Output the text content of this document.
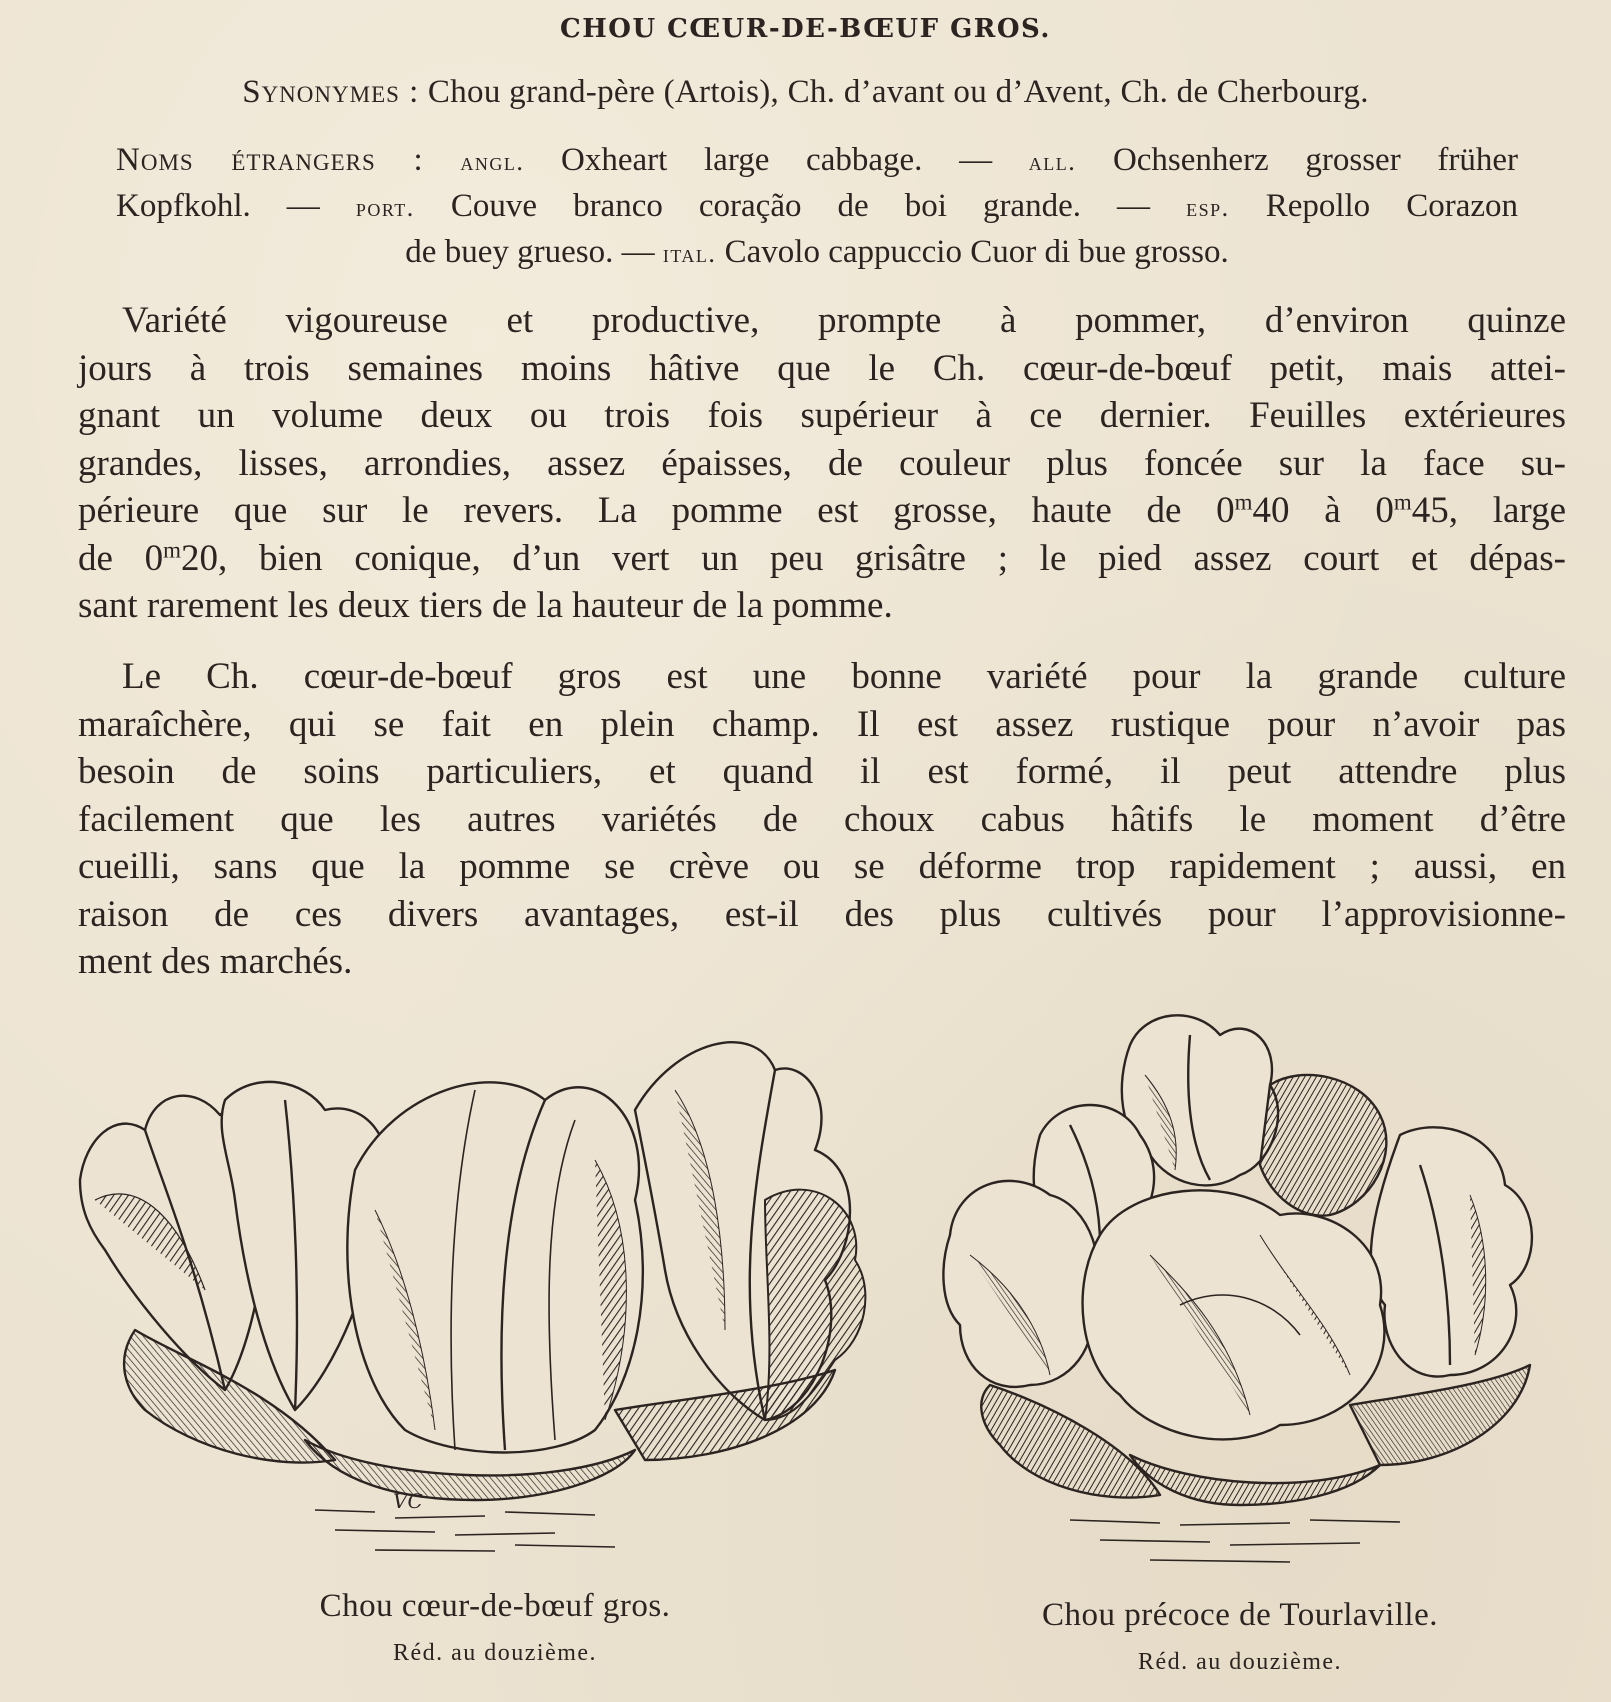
CHOU CŒUR-DE-BŒUF GROS.
Synonymes : Chou grand-père (Artois), Ch. d’avant ou d’Avent, Ch. de Cherbourg.
Noms étrangers : angl. Oxheart large cabbage. — all. Ochsenherz grosser früher
Kopfkohl. — port. Couve branco coração de boi grande. — esp. Repollo Corazon
de buey grueso. — ital. Cavolo cappuccio Cuor di bue grosso.
Variété vigoureuse et productive, prompte à pommer, d’environ quinze
jours à trois semaines moins hâtive que le Ch. cœur-de-bœuf petit, mais attei-
gnant un volume deux ou trois fois supérieur à ce dernier. Feuilles extérieures
grandes, lisses, arrondies, assez épaisses, de couleur plus foncée sur la face su-
périeure que sur le revers. La pomme est grosse, haute de 0$^m$40 à 0$^m$45, large
de 0$^m$20, bien conique, d’un vert un peu grisâtre ; le pied assez court et dépas-
sant rarement les deux tiers de la hauteur de la pomme.
Le Ch. cœur-de-bœuf gros est une bonne variété pour la grande culture
maraîchère, qui se fait en plein champ. Il est assez rustique pour n’avoir pas
besoin de soins particuliers, et quand il est formé, il peut attendre plus
facilement que les autres variétés de choux cabus hâtifs le moment d’être
cueilli, sans que la pomme se crève ou se déforme trop rapidement ; aussi, en
raison de ces divers avantages, est-il des plus cultivés pour l’approvisionne-
ment des marchés.
VC
Chou cœur-de-bœuf gros.
Réd. au douzième.
Chou précoce de Tourlaville.
Réd. au douzième.
